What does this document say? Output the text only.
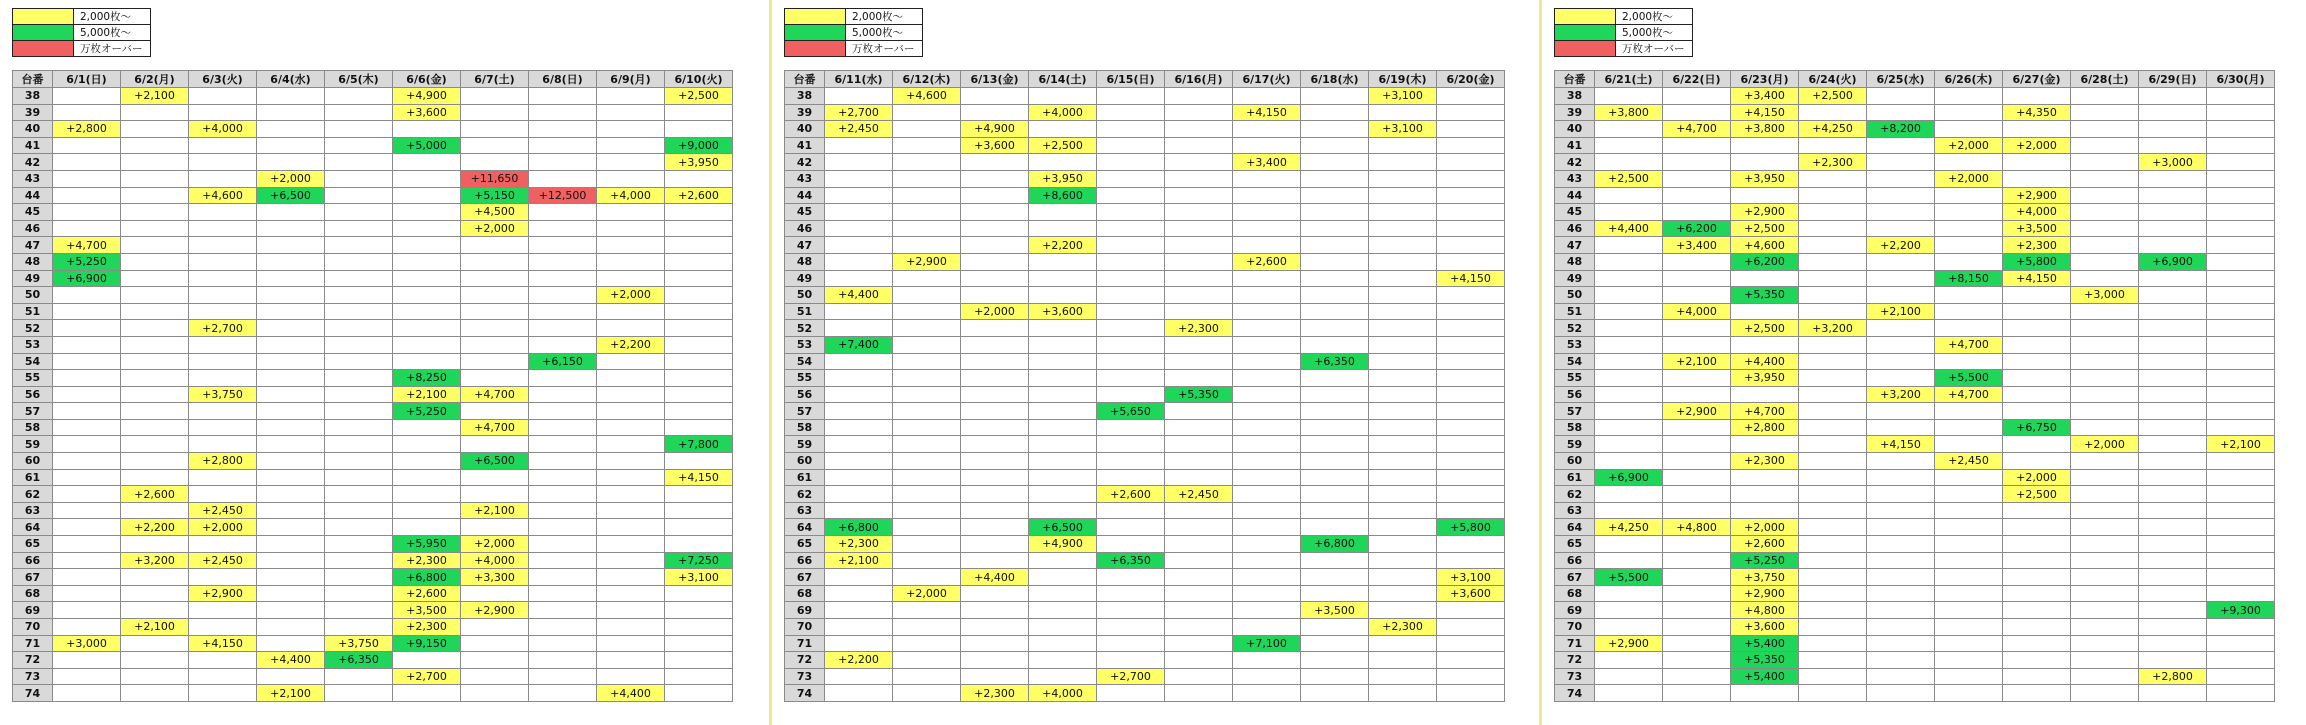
	2,000枚～
	5,000枚～
	万枚オーバー
台番	6/1(日)	6/2(月)	6/3(火)	6/4(水)	6/5(木)	6/6(金)	6/7(土)	6/8(日)	6/9(月)	6/10(火)
38		+2,100				+4,900				+2,500
39						+3,600				
40	+2,800		+4,000							
41						+5,000				+9,000
42										+3,950
43				+2,000			+11,650			
44			+4,600	+6,500			+5,150	+12,500	+4,000	+2,600
45							+4,500			
46							+2,000			
47	+4,700									
48	+5,250									
49	+6,900									
50									+2,000	
51										
52			+2,700							
53									+2,200	
54								+6,150		
55						+8,250				
56			+3,750			+2,100	+4,700			
57						+5,250				
58							+4,700			
59										+7,800
60			+2,800				+6,500			
61										+4,150
62		+2,600								
63			+2,450				+2,100			
64		+2,200	+2,000							
65						+5,950	+2,000			
66		+3,200	+2,450			+2,300	+4,000			+7,250
67						+6,800	+3,300			+3,100
68			+2,900			+2,600				
69						+3,500	+2,900			
70		+2,100				+2,300				
71	+3,000		+4,150		+3,750	+9,150				
72				+4,400	+6,350					
73						+2,700				
74				+2,100					+4,400	
	2,000枚～
	5,000枚～
	万枚オーバー
台番	6/11(水)	6/12(木)	6/13(金)	6/14(土)	6/15(日)	6/16(月)	6/17(火)	6/18(水)	6/19(木)	6/20(金)
38		+4,600							+3,100	
39	+2,700			+4,000			+4,150			
40	+2,450		+4,900						+3,100	
41			+3,600	+2,500						
42							+3,400			
43				+3,950						
44				+8,600						
45										
46										
47				+2,200						
48		+2,900					+2,600			
49										+4,150
50	+4,400									
51			+2,000	+3,600						
52						+2,300				
53	+7,400									
54								+6,350		
55										
56						+5,350				
57					+5,650					
58										
59										
60										
61										
62					+2,600	+2,450				
63										
64	+6,800			+6,500						+5,800
65	+2,300			+4,900				+6,800		
66	+2,100				+6,350					
67			+4,400							+3,100
68		+2,000								+3,600
69								+3,500		
70									+2,300	
71							+7,100			
72	+2,200									
73					+2,700					
74			+2,300	+4,000						
	2,000枚～
	5,000枚～
	万枚オーバー
台番	6/21(土)	6/22(日)	6/23(月)	6/24(火)	6/25(水)	6/26(木)	6/27(金)	6/28(土)	6/29(日)	6/30(月)
38			+3,400	+2,500						
39	+3,800		+4,150				+4,350			
40		+4,700	+3,800	+4,250	+8,200					
41						+2,000	+2,000			
42				+2,300					+3,000	
43	+2,500		+3,950			+2,000				
44							+2,900			
45			+2,900				+4,000			
46	+4,400	+6,200	+2,500				+3,500			
47		+3,400	+4,600		+2,200		+2,300			
48			+6,200				+5,800		+6,900	
49						+8,150	+4,150			
50			+5,350					+3,000		
51		+4,000			+2,100					
52			+2,500	+3,200						
53						+4,700				
54		+2,100	+4,400							
55			+3,950			+5,500				
56					+3,200	+4,700				
57		+2,900	+4,700							
58			+2,800				+6,750			
59					+4,150			+2,000		+2,100
60			+2,300			+2,450				
61	+6,900						+2,000			
62							+2,500			
63										
64	+4,250	+4,800	+2,000							
65			+2,600							
66			+5,250							
67	+5,500		+3,750							
68			+2,900							
69			+4,800							+9,300
70			+3,600							
71	+2,900		+5,400							
72			+5,350							
73			+5,400						+2,800	
74										
